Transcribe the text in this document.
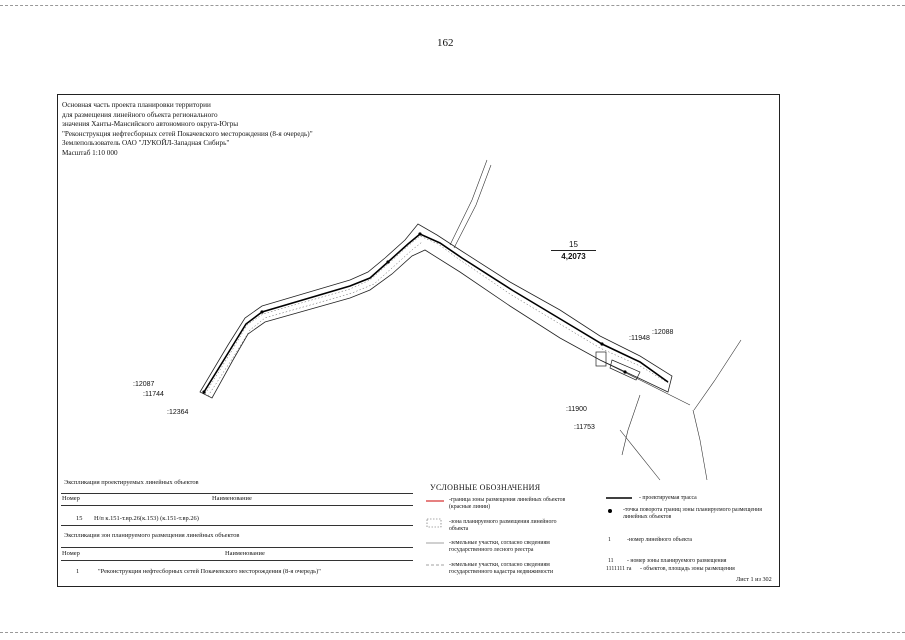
162
Основная часть проекта планировки территории
для размещения линейного объекта регионального
значения Ханты-Мансийского автономного округа-Югры
"Реконструкция нефтесборных сетей Покачевского месторождения (8-я очередь)"
Землепользователь ОАО "ЛУКОЙЛ-Западная Сибирь"
Масштаб 1:10 000
15
4,2073
:12087
:11744
:12364
:11948
:12088
:11900
:11753
Экспликация проектируемых линейных объектов
Номер	Наименование
15 Н/п к.151-т.вр.26(к.153) (к.151-т.вр.26)
Экспликация зон планируемого размещения линейных объектов
Номер	Наименование
1	"Реконструкция нефтесборных сетей Покачевского месторождения (8-я очередь)"
УСЛОВНЫЕ ОБОЗНАЧЕНИЯ
-граница зоны размещения линейных объектов (красные линии)
-зона планируемого размещения линейного объекта
-земельные участки, согласно сведениям государственного лесного реестра
-земельные участки, согласно сведениям государственного кадастра недвижимости
- проектируемая трасса
-точка поворота границ зоны планируемого размещения линейных объектов
1	-номер линейного объекта
11 - номер зоны планируемого размещения
1111111 га - объектов, площадь зоны размещения
Лист 1 из 302
